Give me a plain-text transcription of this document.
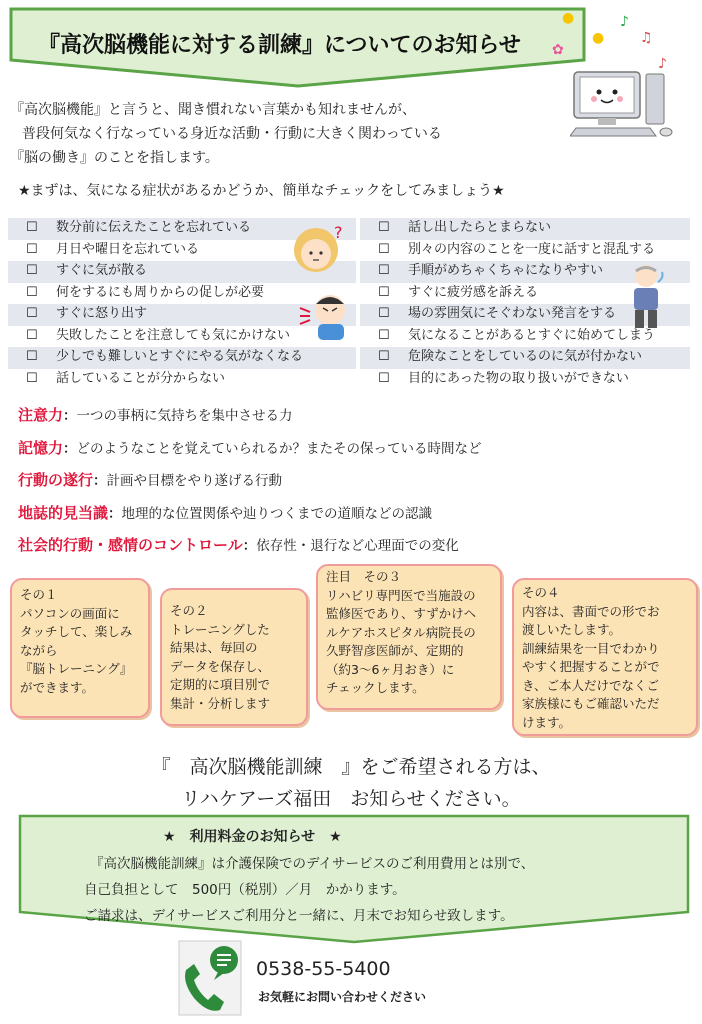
『高次脳機能に対する訓練』についてのお知らせ
●
●
✿
♪
♫
♪
『高次脳機能』と言うと、聞き慣れない言葉かも知れませんが、
普段何気なく行なっている身近な活動・行動に大きく関わっている
『脳の働き』のことを指します。
★まずは、気になる症状があるかどうか、簡単なチェックをしてみましょう★
☐ 数分前に伝えたことを忘れている
☐ 月日や曜日を忘れている
☐ すぐに気が散る
☐ 何をするにも周りからの促しが必要
☐ すぐに怒り出す
☐ 失敗したことを注意しても気にかけない
☐ 少しでも難しいとすぐにやる気がなくなる
☐ 話していることが分からない
☐ 話し出したらとまらない
☐ 別々の内容のことを一度に話すと混乱する
☐ 手順がめちゃくちゃになりやすい
☐ すぐに疲労感を訴える
☐ 場の雰囲気にそぐわない発言をする
☐ 気になることがあるとすぐに始めてしまう
☐ 危険なことをしているのに気が付かない
☐ 目的にあった物の取り扱いができない
?
注意力：一つの事柄に気持ちを集中させる力
記憶力：どのようなことを覚えていられるか？またその保っている時間など
行動の遂行：計画や目標をやり遂げる行動
地誌的見当識：地理的な位置関係や辿りつくまでの道順などの認識
社会的行動・感情のコントロール：依存性・退行など心理面での変化
その１
パソコンの画面に
タッチして、楽しみ
ながら
『脳トレーニング』
ができます。
その２
トレーニングした
結果は、毎回の
データを保存し、
定期的に項目別で
集計・分析します
注目　その３
リハビリ専門医で当施設の
監修医であり、すずかけヘ
ルケアホスピタル病院長の
久野智彦医師が、定期的
（約3～6ヶ月おき）に
チェックします。
その４
内容は、書面での形でお
渡しいたします。
訓練結果を一目でわかり
やすく把握することがで
き、ご本人だけでなくご
家族様にもご確認いただ
けます。
『　高次脳機能訓練　』をご希望される方は、
リハケアーズ福田　お知らせください。
★　利用料金のお知らせ　★
『高次脳機能訓練』は介護保険でのデイサービスのご利用費用とは別で、
自己負担として　500円（税別）／月　かかります。
ご請求は、デイサービスご利用分と一緒に、月末でお知らせ致します。
0538-55-5400
お気軽にお問い合わせください
